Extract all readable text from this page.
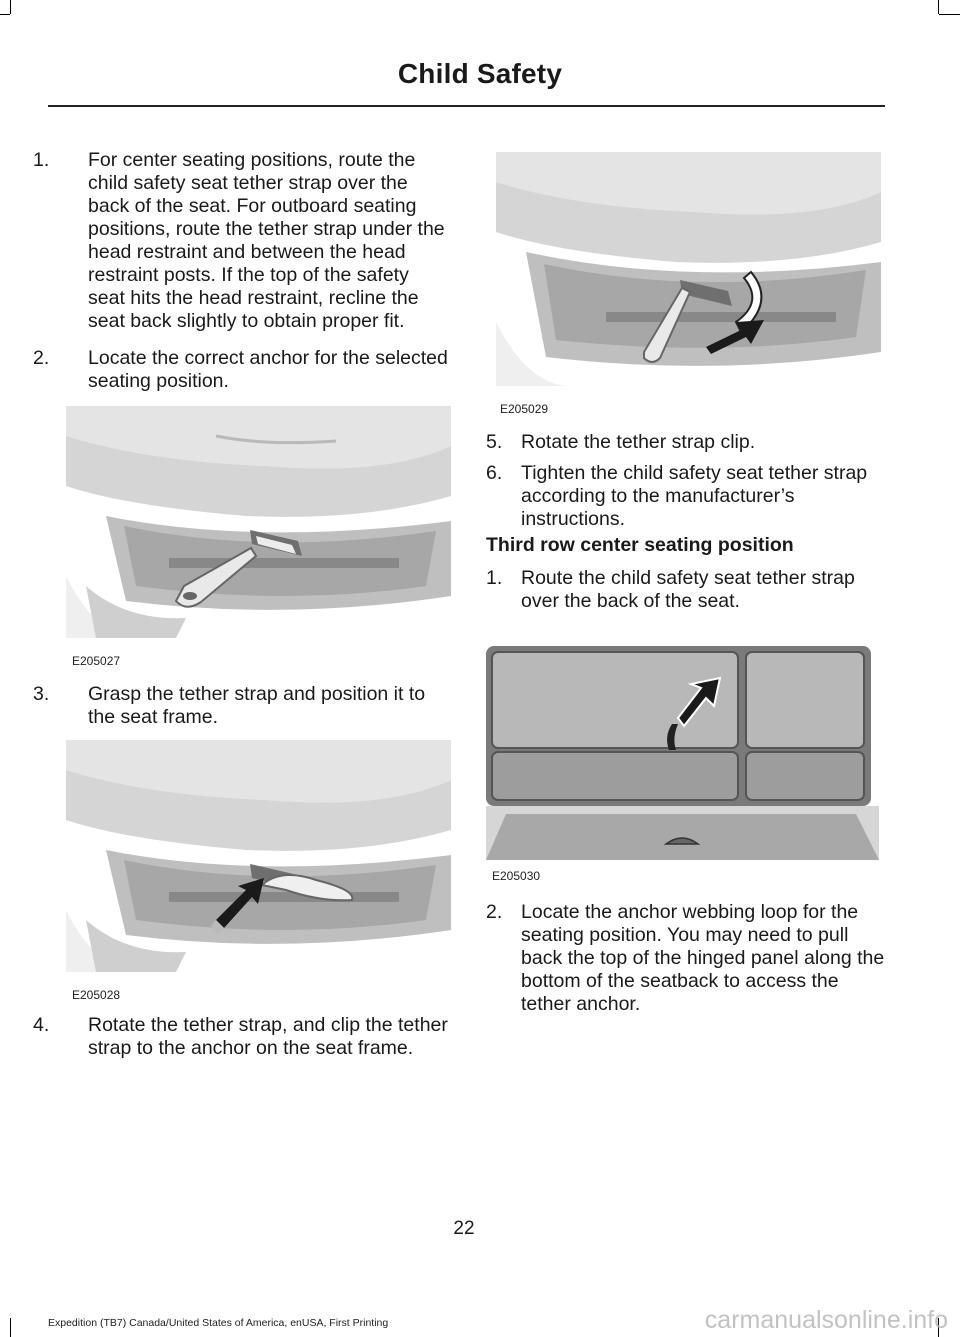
Child Safety
1.	For center seating positions, route the child safety seat tether strap over the back of the seat. For outboard seating positions, route the tether strap under the head restraint and between the head restraint posts. If the top of the safety seat hits the head restraint, recline the seat back slightly to obtain proper fit.
2.	Locate the correct anchor for the selected seating position.
E205027
3.	Grasp the tether strap and position it to the seat frame.
E205028
4.	Rotate the tether strap, and clip the tether strap to the anchor on the seat frame.
E205029
5. Rotate the tether strap clip.
6. Tighten the child safety seat tether strap according to the manufacturer’s instructions.
Third row center seating position
1. Route the child safety seat tether strap over the back of the seat.
E205030
2. Locate the anchor webbing loop for the seating position. You may need to pull back the top of the hinged panel along the bottom of the seatback to access the tether anchor.
22
Expedition (TB7) Canada/United States of America, enUSA, First Printing	carmanualsonline.info
